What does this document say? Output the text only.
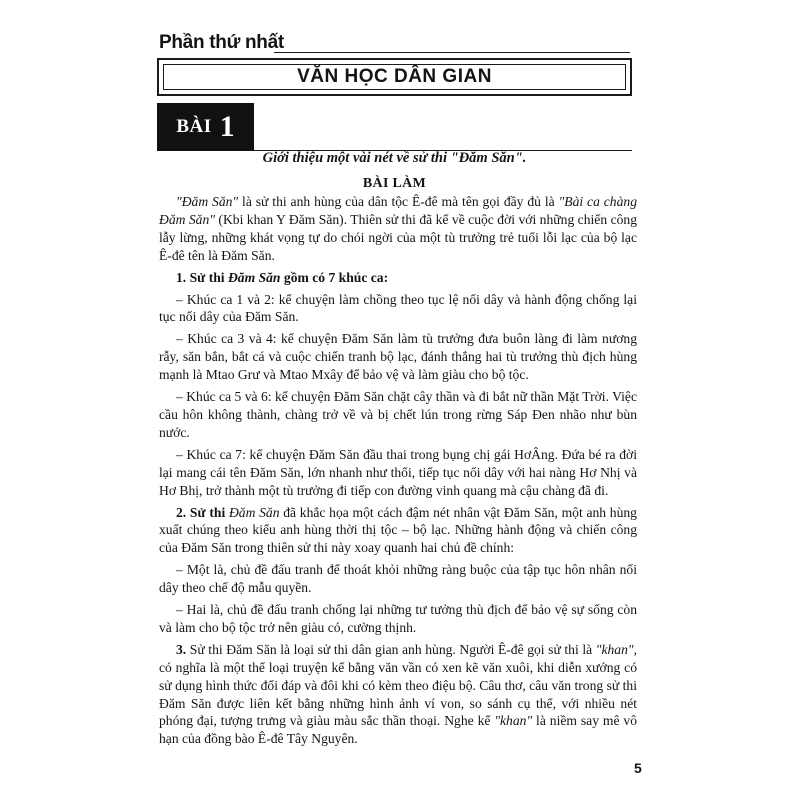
Phần thứ nhất
VĂN HỌC DÂN GIAN
BÀI 1
Giới thiệu một vài nét về sử thi "Đăm Săn".
BÀI LÀM

"Đăm Săn" là sử thi anh hùng của dân tộc Ê-đê mà tên gọi đầy đủ là "Bài ca chàng Đăm Săn" (Kbi khan Y Đăm Săn). Thiên sử thi đã kể về cuộc đời với những chiến công lẫy lừng, những khát vọng tự do chói ngời của một tù trưởng trẻ tuổi lỗi lạc của bộ lạc Ê-đê tên là Đăm Săn.

1. Sử thi Đăm Săn gồm có 7 khúc ca:

– Khúc ca 1 và 2: kể chuyện làm chồng theo tục lệ nối dây và hành động chống lại tục nối dây của Đăm Săn.

– Khúc ca 3 và 4: kể chuyện Đăm Săn làm tù trưởng đưa buôn làng đi làm nương rẫy, săn bắn, bắt cá và cuộc chiến tranh bộ lạc, đánh thắng hai tù trưởng thù địch hùng mạnh là Mtao Grư và Mtao Mxây để bảo vệ và làm giàu cho bộ tộc.

– Khúc ca 5 và 6: kể chuyện Đăm Săn chặt cây thần và đi bắt nữ thần Mặt Trời. Việc cầu hôn không thành, chàng trở về và bị chết lún trong rừng Sáp Đen nhão như bùn nước.

– Khúc ca 7: kể chuyện Đăm Săn đầu thai trong bụng chị gái HơÂng. Đứa bé ra đời lại mang cái tên Đăm Săn, lớn nhanh như thổi, tiếp tục nối dây với hai nàng Hơ Nhị và Hơ Bhị, trở thành một tù trưởng đi tiếp con đường vinh quang mà cậu chàng đã đi.

2. Sử thi Đăm Săn đã khắc họa một cách đậm nét nhân vật Đăm Săn, một anh hùng xuất chúng theo kiểu anh hùng thời thị tộc – bộ lạc. Những hành động và chiến công của Đăm Săn trong thiên sử thi này xoay quanh hai chủ đề chính:

– Một là, chủ đề đấu tranh để thoát khỏi những ràng buộc của tập tục hôn nhân nối dây theo chế độ mẫu quyền.

– Hai là, chủ đề đấu tranh chống lại những tư tưởng thù địch để bảo vệ sự sống còn và làm cho bộ tộc trở nên giàu có, cường thịnh.

3. Sử thi Đăm Săn là loại sử thi dân gian anh hùng. Người Ê-đê gọi sử thi là "khan", có nghĩa là một thể loại truyện kể bằng văn vần có xen kẽ văn xuôi, khi diễn xướng có sử dụng hình thức đối đáp và đôi khi có kèm theo điệu bộ. Câu thơ, câu văn trong sử thi Đăm Săn được liên kết bằng những hình ảnh ví von, so sánh cụ thể, với nhiều nét phóng đại, tượng trưng và giàu màu sắc thần thoại. Nghe kể "khan" là niềm say mê vô hạn của đồng bào Ê-đê Tây Nguyên.

5
